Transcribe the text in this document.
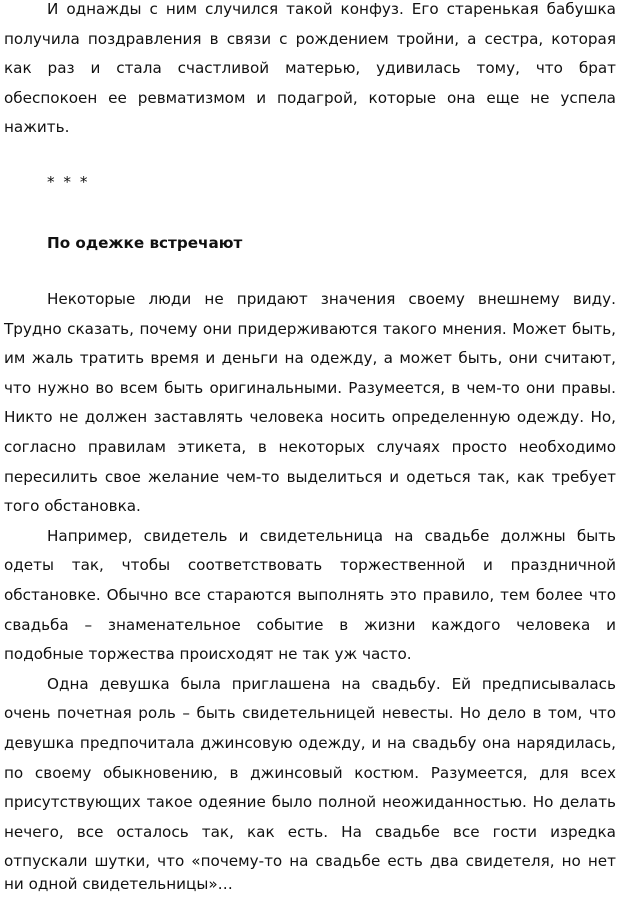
И однажды с ним случился такой конфуз. Его старенькая бабушка
получила поздравления в связи с рождением тройни, а сестра, которая
как раз и стала счастливой матерью, удивилась тому, что брат
обеспокоен ее ревматизмом и подагрой, которые она еще не успела
нажить.
* * *
По одежке встречают
Некоторые люди не придают значения своему внешнему виду.
Трудно сказать, почему они придерживаются такого мнения. Может быть,
им жаль тратить время и деньги на одежду, а может быть, они считают,
что нужно во всем быть оригинальными. Разумеется, в чем-то они правы.
Никто не должен заставлять человека носить определенную одежду. Но,
согласно правилам этикета, в некоторых случаях просто необходимо
пересилить свое желание чем-то выделиться и одеться так, как требует
того обстановка.
Например, свидетель и свидетельница на свадьбе должны быть
одеты так, чтобы соответствовать торжественной и праздничной
обстановке. Обычно все стараются выполнять это правило, тем более что
свадьба – знаменательное событие в жизни каждого человека и
подобные торжества происходят не так уж часто.
Одна девушка была приглашена на свадьбу. Ей предписывалась
очень почетная роль – быть свидетельницей невесты. Но дело в том, что
девушка предпочитала джинсовую одежду, и на свадьбу она нарядилась,
по своему обыкновению, в джинсовый костюм. Разумеется, для всех
присутствующих такое одеяние было полной неожиданностью. Но делать
нечего, все осталось так, как есть. На свадьбе все гости изредка
отпускали шутки, что «почему-то на свадьбе есть два свидетеля, но нет
ни одной свидетельницы»…
